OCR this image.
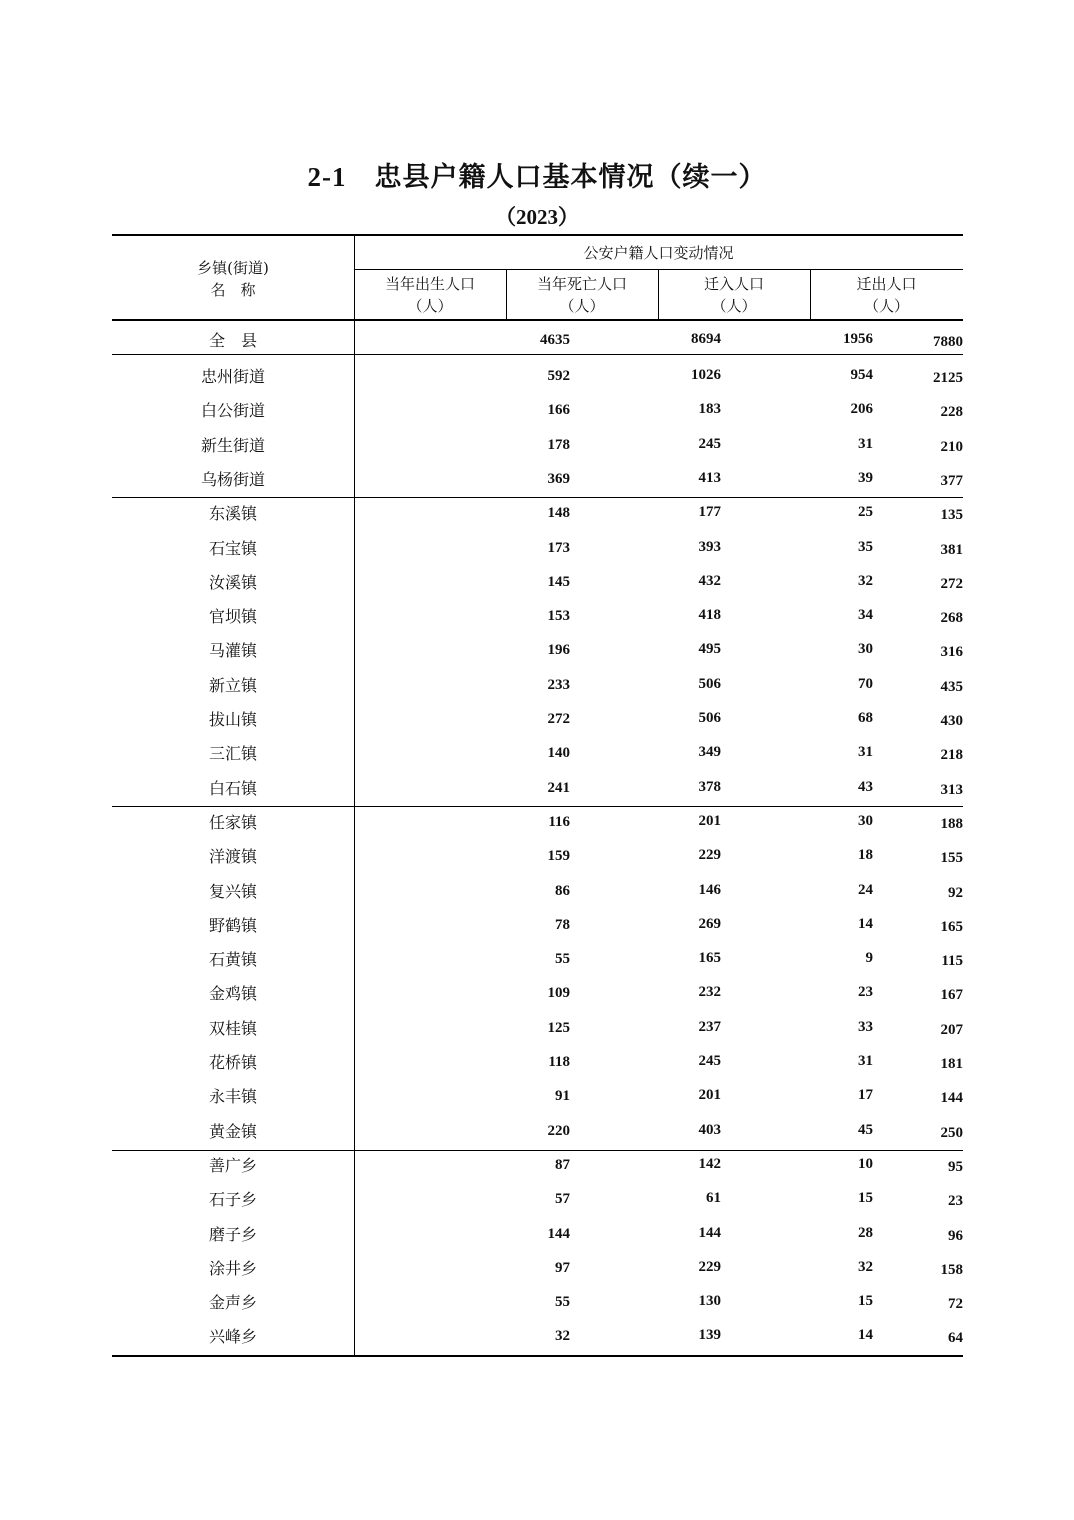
2-1 忠县户籍人口基本情况（续一）
（2023）
乡镇(街道)
名　称
公安户籍人口变动情况
当年出生人口
（人）
当年死亡人口
（人）
迁入人口
（人）
迁出人口
（人）
全　县	4635	8694	1956	7880
忠州街道	592	1026	954	2125
白公街道	166	183	206	228
新生街道	178	245	31	210
乌杨街道	369	413	39	377
东溪镇	148	177	25	135
石宝镇	173	393	35	381
汝溪镇	145	432	32	272
官坝镇	153	418	34	268
马灌镇	196	495	30	316
新立镇	233	506	70	435
拔山镇	272	506	68	430
三汇镇	140	349	31	218
白石镇	241	378	43	313
任家镇	116	201	30	188
洋渡镇	159	229	18	155
复兴镇	86	146	24	92
野鹤镇	78	269	14	165
石黄镇	55	165	9	115
金鸡镇	109	232	23	167
双桂镇	125	237	33	207
花桥镇	118	245	31	181
永丰镇	91	201	17	144
黄金镇	220	403	45	250
善广乡	87	142	10	95
石子乡	57	61	15	23
磨子乡	144	144	28	96
涂井乡	97	229	32	158
金声乡	55	130	15	72
兴峰乡	32	139	14	64
